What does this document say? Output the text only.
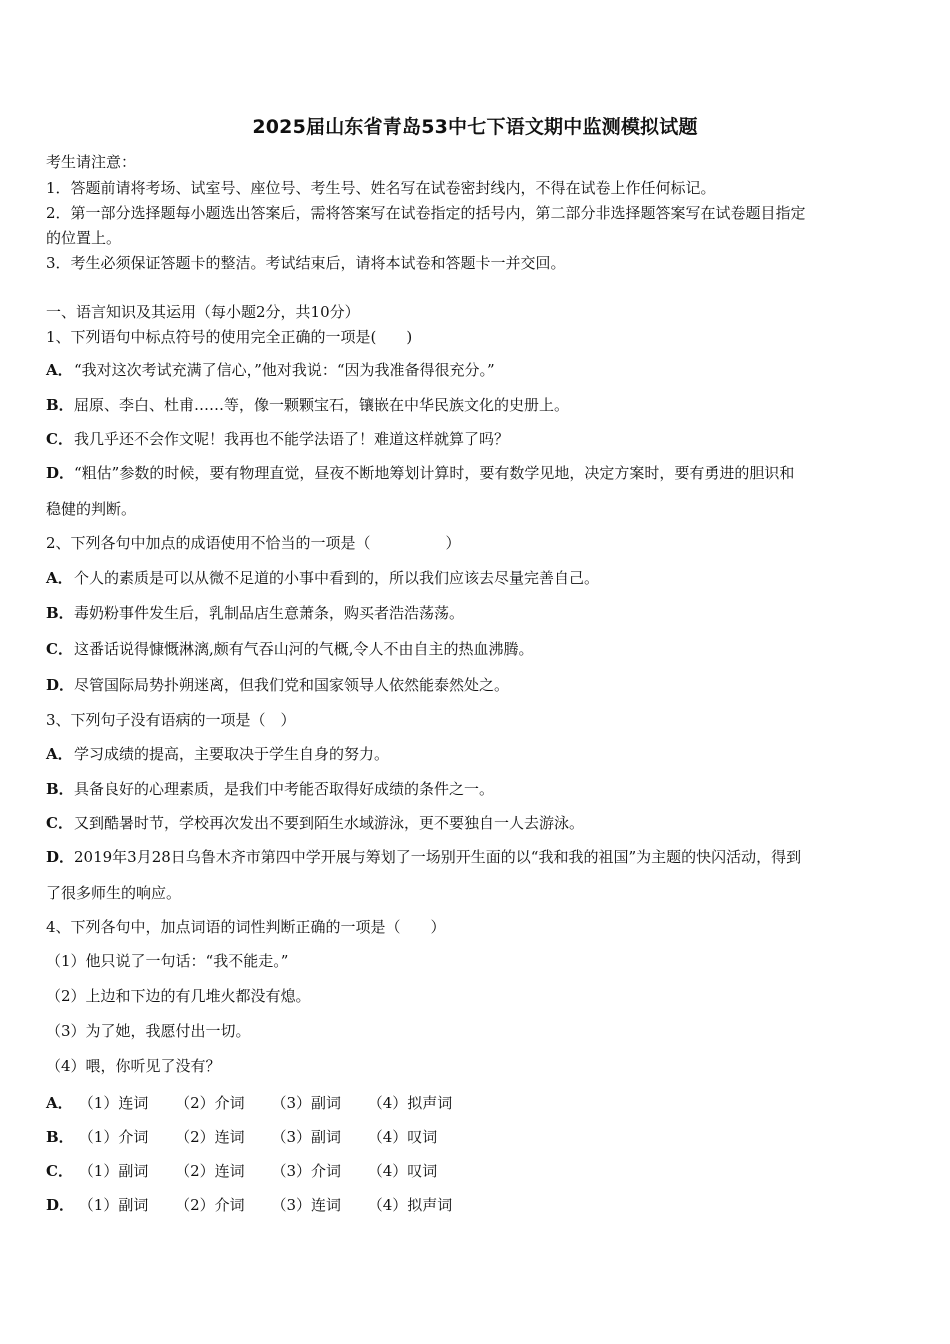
2025届山东省青岛53中七下语文期中监测模拟试题
考生请注意：
1．答题前请将考场、试室号、座位号、考生号、姓名写在试卷密封线内，不得在试卷上作任何标记。
2．第一部分选择题每小题选出答案后，需将答案写在试卷指定的括号内，第二部分非选择题答案写在试卷题目指定
的位置上。
3．考生必须保证答题卡的整洁。考试结束后，请将本试卷和答题卡一并交回。
一、语言知识及其运用（每小题2分，共10分）
1、下列语句中标点符号的使用完全正确的一项是(　　)
A．“我对这次考试充满了信心，”他对我说：“因为我准备得很充分。”
B．屈原、李白、杜甫……等，像一颗颗宝石，镶嵌在中华民族文化的史册上。
C．我几乎还不会作文呢！我再也不能学法语了！难道这样就算了吗？
D．“粗估”参数的时候，要有物理直觉，昼夜不断地筹划计算时，要有数学见地，决定方案时，要有勇进的胆识和
稳健的判断。
2、下列各句中加点的成语使用不恰当的一项是（　　　　　）
A．个人的素质是可以从微不足道的小事中看到的，所以我们应该去尽量完善自己。
B．毒奶粉事件发生后，乳制品店生意萧条，购买者浩浩荡荡。
C．这番话说得慷慨淋漓,颇有气吞山河的气概,令人不由自主的热血沸腾。
D．尽管国际局势扑朔迷离，但我们党和国家领导人依然能泰然处之。
3、下列句子没有语病的一项是（　）
A．学习成绩的提高，主要取决于学生自身的努力。
B．具备良好的心理素质，是我们中考能否取得好成绩的条件之一。
C．又到酷暑时节，学校再次发出不要到陌生水域游泳，更不要独自一人去游泳。
D．2019年3月28日乌鲁木齐市第四中学开展与筹划了一场别开生面的以“我和我的祖国”为主题的快闪活动，得到
了很多师生的响应。
4、下列各句中，加点词语的词性判断正确的一项是（　　）
（1）他只说了一句话：“我不能走。”
（2）上边和下边的有几堆火都没有熄。
（3）为了她，我愿付出一切。
（4）喂，你听见了没有？
A． （1）连词 （2）介词 （3）副词 （4）拟声词
B． （1）介词 （2）连词 （3）副词 （4）叹词
C． （1）副词 （2）连词 （3）介词 （4）叹词
D． （1）副词 （2）介词 （3）连词 （4）拟声词
